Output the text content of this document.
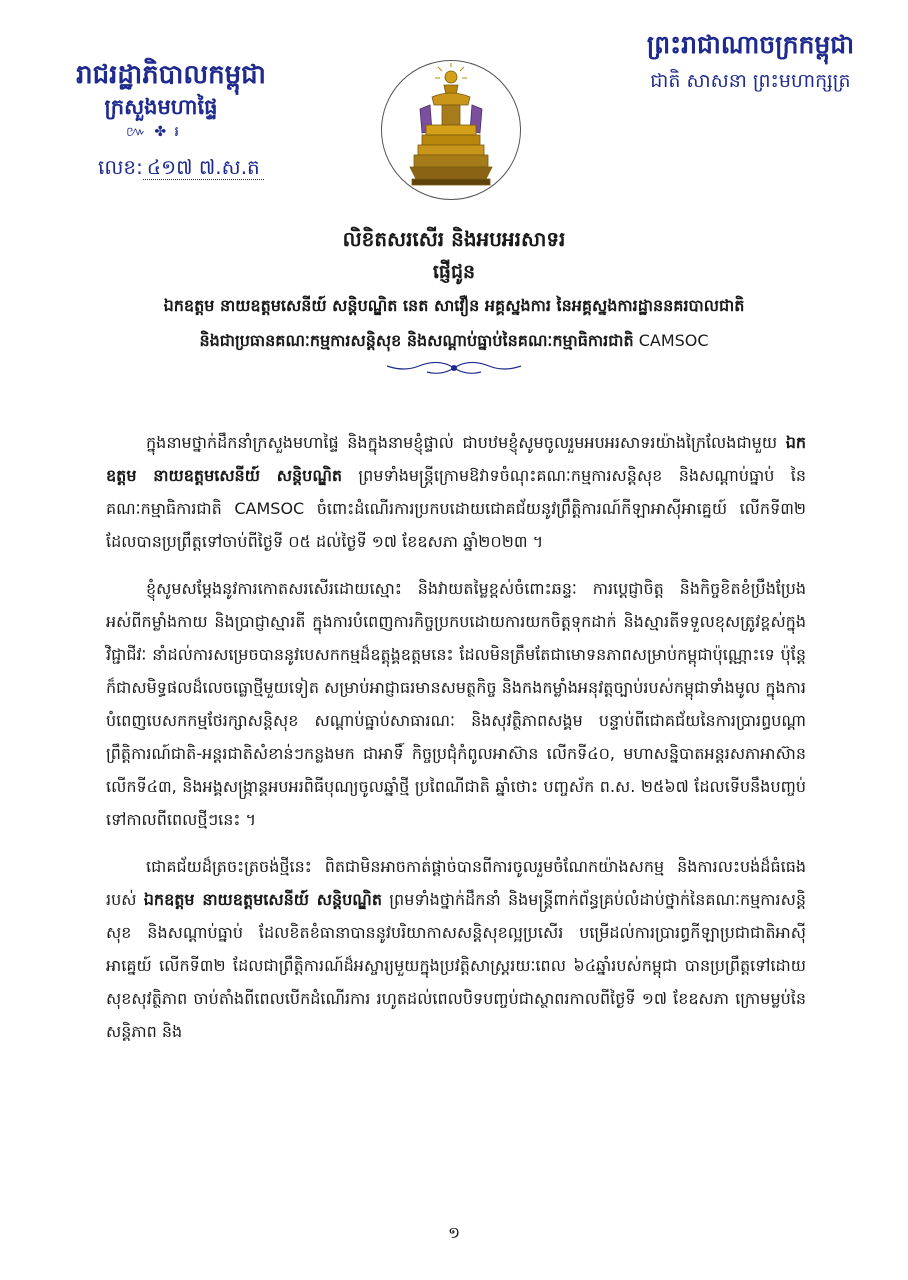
រាជរដ្ឋាភិបាលកម្ពុជា
ក្រសួងមហាផ្ទៃ
៚ ✤ ៛
លេខ: ៤១៧ ៧.ស.ត
ព្រះរាជាណាចក្រកម្ពុជា
ជាតិ សាសនា ព្រះមហាក្សត្រ
លិខិតសរសើរ និងអបអរសាទរ
ផ្ញើជូន
ឯកឧត្តម នាយឧត្តមសេនីយ៍ សន្តិបណ្ឌិត នេត សាវឿន អគ្គស្នងការ នៃអគ្គស្នងការដ្ឋាននគរបាលជាតិ
និងជាប្រធានគណៈកម្មការសន្តិសុខ និងសណ្តាប់ធ្នាប់នៃគណៈកម្មាធិការជាតិ CAMSOC

ក្នុងនាមថ្នាក់ដឹកនាំក្រសួងមហាផ្ទៃ និងក្នុងនាមខ្ញុំផ្ទាល់ ជាបឋមខ្ញុំសូមចូលរួមអបអរសាទរយ៉ាងក្រៃលែងជាមួយ ឯកឧត្តម នាយឧត្តមសេនីយ៍ សន្តិបណ្ឌិត ព្រមទាំងមន្ត្រីក្រោមឱវាទចំណុះគណៈកម្មការសន្តិសុខ និងសណ្តាប់ធ្នាប់ នៃគណៈកម្មាធិការជាតិ CAMSOC ចំពោះដំណើរការប្រកបដោយជោគជ័យនូវព្រឹត្តិការណ៍កីឡាអាស៊ីអាគ្នេយ៍ លើកទី៣២ ដែលបានប្រព្រឹត្តទៅចាប់ពីថ្ងៃទី ០៥ ដល់ថ្ងៃទី ១៧ ខែឧសភា ឆ្នាំ២០២៣ ។

ខ្ញុំសូមសម្តែងនូវការកោតសរសើរដោយស្មោះ និងវាយតម្លៃខ្ពស់ចំពោះឆន្ទៈ ការប្តេជ្ញាចិត្ត និងកិច្ចខិតខំប្រឹងប្រែងអស់ពីកម្លាំងកាយ និងប្រាជ្ញាស្មារតី ក្នុងការបំពេញការកិច្ចប្រកបដោយការយកចិត្តទុកដាក់ និងស្មារតីទទួលខុសត្រូវខ្ពស់ក្នុងវិជ្ជាជីវៈ នាំដល់ការសម្រេចបាននូវបេសកកម្មដ៏ឧត្តុង្គឧត្តមនេះ ដែលមិនត្រឹមតែជាមោទនភាពសម្រាប់កម្ពុជាប៉ុណ្ណោះទេ ប៉ុន្តែក៏ជាសមិទ្ធផលដ៏លេចធ្លោថ្មីមួយទៀត សម្រាប់អាជ្ញាធរមានសមត្ថកិច្ច និងកងកម្លាំងអនុវត្តច្បាប់របស់កម្ពុជាទាំងមូល ក្នុងការបំពេញបេសកកម្មថែរក្សាសន្តិសុខ សណ្តាប់ធ្នាប់សាធារណៈ និងសុវត្ថិភាពសង្គម បន្ទាប់ពីជោគជ័យនៃការប្រារព្ធបណ្តាព្រឹត្តិការណ៍ជាតិ-អន្តរជាតិសំខាន់ៗកន្លងមក ជាអាទិ៍ កិច្ចប្រជុំកំពូលអាស៊ាន លើកទី៤០, មហាសន្និបាតអន្តរសភាអាស៊ាន លើកទី៤៣, និងអង្គសង្ក្រាន្តអបអរពិធីបុណ្យចូលឆ្នាំថ្មី ប្រពៃណីជាតិ ឆ្នាំថោះ បញ្ចស័ក ព.ស. ២៥៦៧ ដែលទើបនឹងបញ្ចប់ទៅកាលពីពេលថ្មីៗនេះ ។

ជោគជ័យដ៏ត្រចះត្រចង់ថ្មីនេះ ពិតជាមិនអាចកាត់ផ្តាច់បានពីការចូលរួមចំណែកយ៉ាងសកម្ម និងការលះបង់ដ៏ធំធេងរបស់ ឯកឧត្តម នាយឧត្តមសេនីយ៍ សន្តិបណ្ឌិត ព្រមទាំងថ្នាក់ដឹកនាំ និងមន្ត្រីពាក់ព័ន្ធគ្រប់លំដាប់ថ្នាក់នៃគណៈកម្មការសន្តិសុខ និងសណ្តាប់ធ្នាប់ ដែលខិតខំធានាបាននូវបរិយាកាសសន្តិសុខល្អប្រសើរ បម្រើដល់ការប្រារព្ធកីឡាប្រជាជាតិអាស៊ីអាគ្នេយ៍ លើកទី៣២ ដែលជាព្រឹត្តិការណ៍ដ៏អស្ចារ្យមួយក្នុងប្រវត្តិសាស្ត្ររយៈពេល ៦៤ឆ្នាំរបស់កម្ពុជា បានប្រព្រឹត្តទៅដោយសុខសុវត្ថិភាព ចាប់តាំងពីពេលបើកដំណើរការ រហូតដល់ពេលបិទបញ្ចប់ជាស្ថាពរកាលពីថ្ងៃទី ១៧ ខែឧសភា ក្រោមម្លប់នៃសន្តិភាព និង

១
